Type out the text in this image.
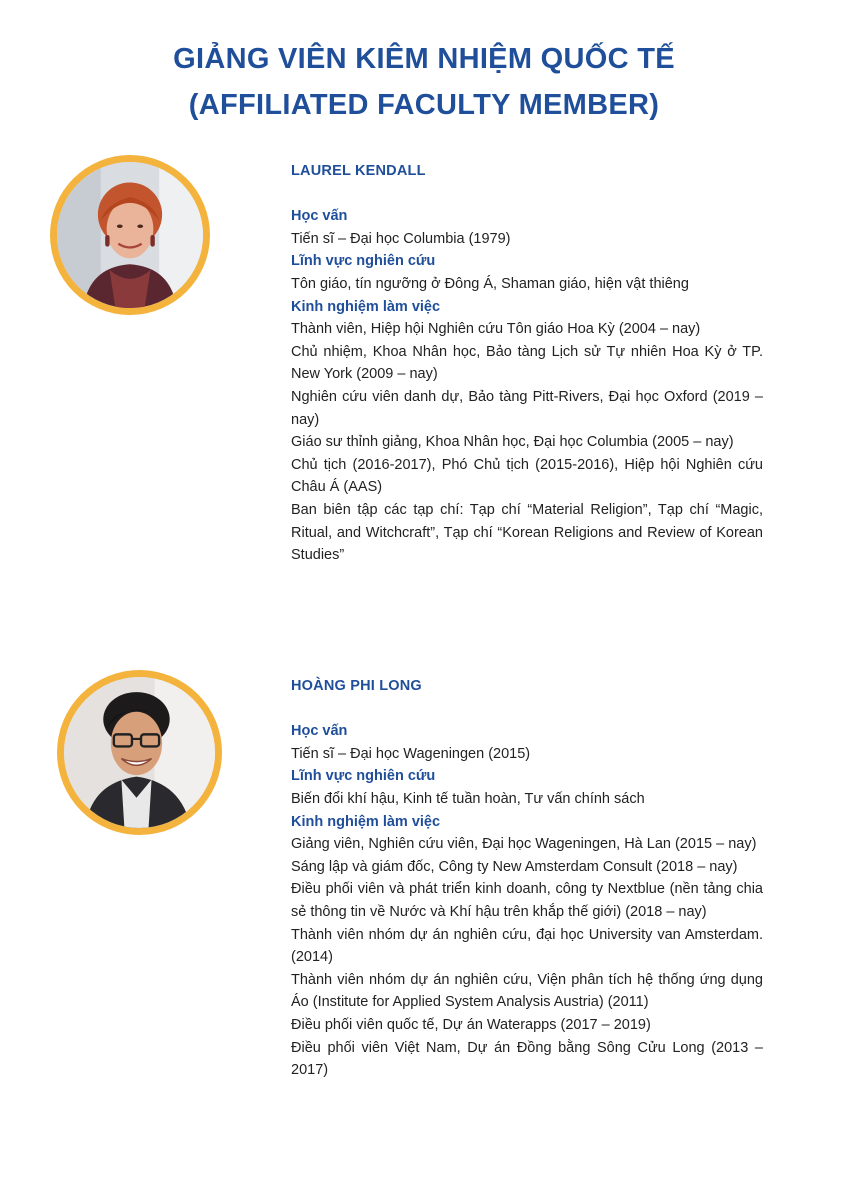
GIẢNG VIÊN KIÊM NHIỆM QUỐC TẾ
(AFFILIATED FACULTY MEMBER)
LAUREL KENDALL
Học vấn
Tiến sĩ – Đại học Columbia (1979)
Lĩnh vực nghiên cứu
Tôn giáo, tín ngưỡng ở Đông Á, Shaman giáo, hiện vật thiêng
Kinh nghiệm làm việc
Thành viên, Hiệp hội Nghiên cứu Tôn giáo Hoa Kỳ (2004 – nay)
Chủ nhiệm, Khoa Nhân học, Bảo tàng Lịch sử Tự nhiên Hoa Kỳ ở TP. New York (2009 – nay)
Nghiên cứu viên danh dự, Bảo tàng Pitt-Rivers, Đại học Oxford (2019 – nay)
Giáo sư thỉnh giảng, Khoa Nhân học, Đại học Columbia (2005 – nay)
Chủ tịch (2016-2017), Phó Chủ tịch (2015-2016), Hiệp hội Nghiên cứu Châu Á (AAS)
Ban biên tập các tạp chí: Tạp chí “Material Religion”, Tạp chí “Magic, Ritual, and Witchcraft”, Tạp chí “Korean Religions and Review of Korean Studies”
HOÀNG PHI LONG
Học vấn
Tiến sĩ – Đại học Wageningen (2015)
Lĩnh vực nghiên cứu
Biến đổi khí hậu, Kinh tế tuần hoàn, Tư vấn chính sách
Kinh nghiệm làm việc
Giảng viên, Nghiên cứu viên, Đại học Wageningen, Hà Lan (2015 – nay)
Sáng lập và giám đốc, Công ty New Amsterdam Consult (2018 – nay)
Điều phối viên và phát triển kinh doanh, công ty Nextblue (nền tảng chia sẻ thông tin về Nước và Khí hậu trên khắp thế giới) (2018 – nay)
Thành viên nhóm dự án nghiên cứu, đại học University van Amsterdam. (2014)
Thành viên nhóm dự án nghiên cứu, Viện phân tích hệ thống ứng dụng Áo (Institute for Applied System Analysis Austria) (2011)
Điều phối viên quốc tế, Dự án Waterapps (2017 – 2019)
Điều phối viên Việt Nam, Dự án Đồng bằng Sông Cửu Long (2013 – 2017)
